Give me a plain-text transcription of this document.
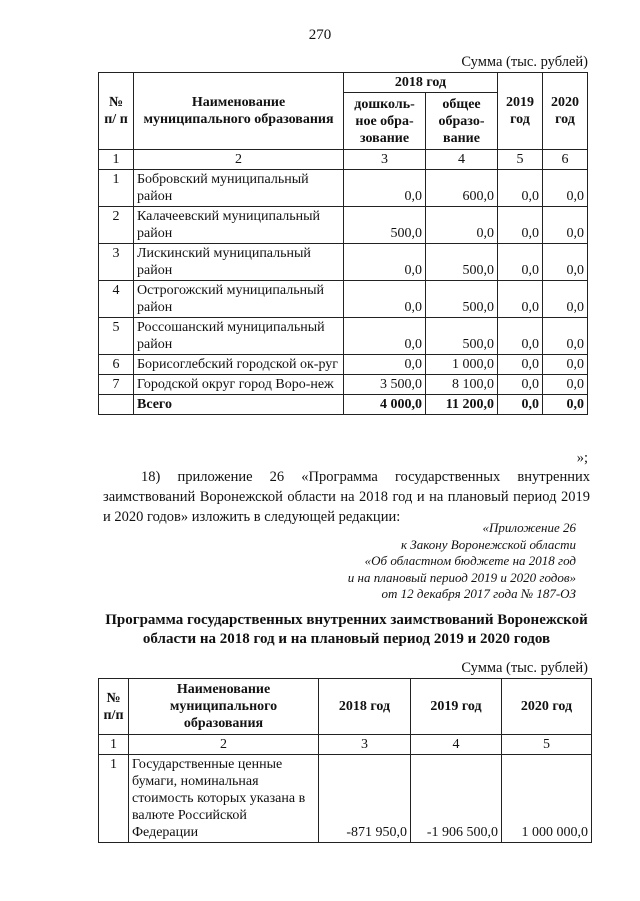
270
Сумма (тыс. рублей)
№ п/ п	Наименование муниципального образования	2018 год		2019 год	2020 год
		дошколь-ное обра-зование	общее образо-вание		
1	2	3	4	5	6
1	Бобровский муниципальный район	0,0	600,0	0,0	0,0
2	Калачеевский муниципальный район	500,0	0,0	0,0	0,0
3	Лискинский муниципальный район	0,0	500,0	0,0	0,0
4	Острогожский муниципальный район	0,0	500,0	0,0	0,0
5	Россошанский муниципальный район	0,0	500,0	0,0	0,0
6	Борисоглебский городской ок-руг	0,0	1 000,0	0,0	0,0
7	Городской округ город Воро-неж	3 500,0	8 100,0	0,0	0,0
	Всего	4 000,0	11 200,0	0,0	0,0
»;
18) приложение 26 «Программа государственных внутренних заимствований Воронежской области на 2018 год и на плановый период 2019 и 2020 годов» изложить в следующей редакции:
«Приложение 26
к Закону Воронежской области
«Об областном бюджете на 2018 год
и на плановый период 2019 и 2020 годов»
от 12 декабря 2017 года № 187-ОЗ
Программа государственных внутренних заимствований Воронежской области на 2018 год и на плановый период 2019 и 2020 годов
Сумма (тыс. рублей)
№ п/п	Наименование муниципального образования	2018 год	2019 год	2020 год
1	2	3	4	5
1	Государственные ценные бумаги, номинальная стоимость которых указана в валюте Российской Федерации	-871 950,0	-1 906 500,0	1 000 000,0
